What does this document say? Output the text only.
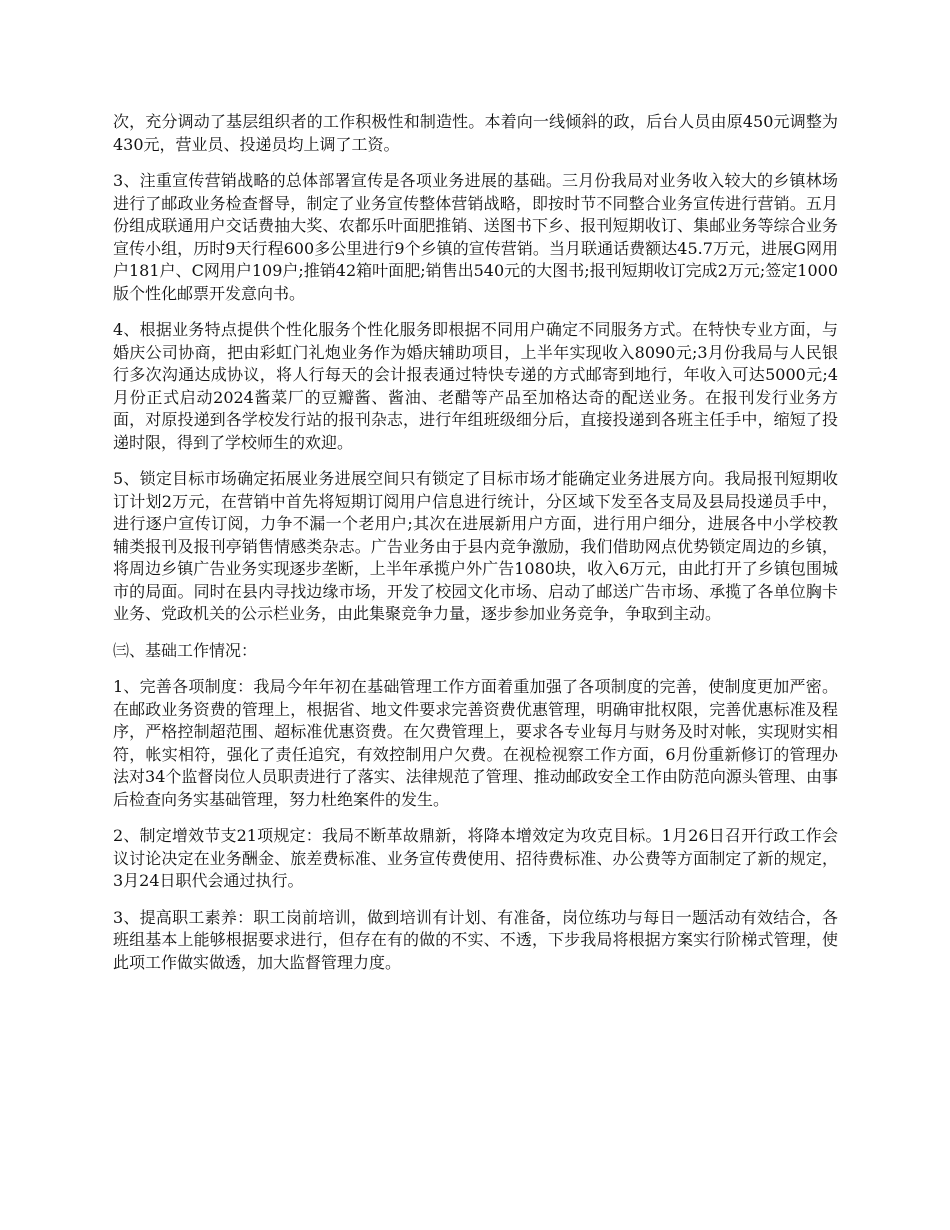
次，充分调动了基层组织者的工作积极性和制造性。本着向一线倾斜的政，后台人员由原450元调整为430元，营业员、投递员均上调了工资。

3、注重宣传营销战略的总体部署宣传是各项业务进展的基础。三月份我局对业务收入较大的乡镇林场进行了邮政业务检查督导，制定了业务宣传整体营销战略，即按时节不同整合业务宣传进行营销。五月份组成联通用户交话费抽大奖、农都乐叶面肥推销、送图书下乡、报刊短期收订、集邮业务等综合业务宣传小组，历时9天行程600多公里进行9个乡镇的宣传营销。当月联通话费额达45.7万元，进展G网用户181户、C网用户109户;推销42箱叶面肥;销售出540元的大图书;报刊短期收订完成2万元;签定1000版个性化邮票开发意向书。

4、根据业务特点提供个性化服务个性化服务即根据不同用户确定不同服务方式。在特快专业方面，与婚庆公司协商，把由彩虹门礼炮业务作为婚庆辅助项目，上半年实现收入8090元;3月份我局与人民银行多次沟通达成协议，将人行每天的会计报表通过特快专递的方式邮寄到地行，年收入可达5000元;4月份正式启动2024酱菜厂的豆瓣酱、酱油、老醋等产品至加格达奇的配送业务。在报刊发行业务方面，对原投递到各学校发行站的报刊杂志，进行年组班级细分后，直接投递到各班主任手中，缩短了投递时限，得到了学校师生的欢迎。

5、锁定目标市场确定拓展业务进展空间只有锁定了目标市场才能确定业务进展方向。我局报刊短期收订计划2万元，在营销中首先将短期订阅用户信息进行统计，分区域下发至各支局及县局投递员手中，进行逐户宣传订阅，力争不漏一个老用户;其次在进展新用户方面，进行用户细分，进展各中小学校教辅类报刊及报刊亭销售情感类杂志。广告业务由于县内竞争激励，我们借助网点优势锁定周边的乡镇，将周边乡镇广告业务实现逐步垄断，上半年承揽户外广告1080块，收入6万元，由此打开了乡镇包围城市的局面。同时在县内寻找边缘市场，开发了校园文化市场、启动了邮送广告市场、承揽了各单位胸卡业务、党政机关的公示栏业务，由此集聚竞争力量，逐步参加业务竞争，争取到主动。

㈢、基础工作情况：

1、完善各项制度：我局今年年初在基础管理工作方面着重加强了各项制度的完善，使制度更加严密。在邮政业务资费的管理上，根据省、地文件要求完善资费优惠管理，明确审批权限，完善优惠标准及程序，严格控制超范围、超标准优惠资费。在欠费管理上，要求各专业每月与财务及时对帐，实现财实相符，帐实相符，强化了责任追究，有效控制用户欠费。在视检视察工作方面，6月份重新修订的管理办法对34个监督岗位人员职责进行了落实、法律规范了管理、推动邮政安全工作由防范向源头管理、由事后检查向务实基础管理，努力杜绝案件的发生。

2、制定增效节支21项规定：我局不断革故鼎新，将降本增效定为攻克目标。1月26日召开行政工作会议讨论决定在业务酬金、旅差费标准、业务宣传费使用、招待费标准、办公费等方面制定了新的规定，3月24日职代会通过执行。

3、提高职工素养：职工岗前培训，做到培训有计划、有准备，岗位练功与每日一题活动有效结合，各班组基本上能够根据要求进行，但存在有的做的不实、不透，下步我局将根据方案实行阶梯式管理，使此项工作做实做透，加大监督管理力度。
